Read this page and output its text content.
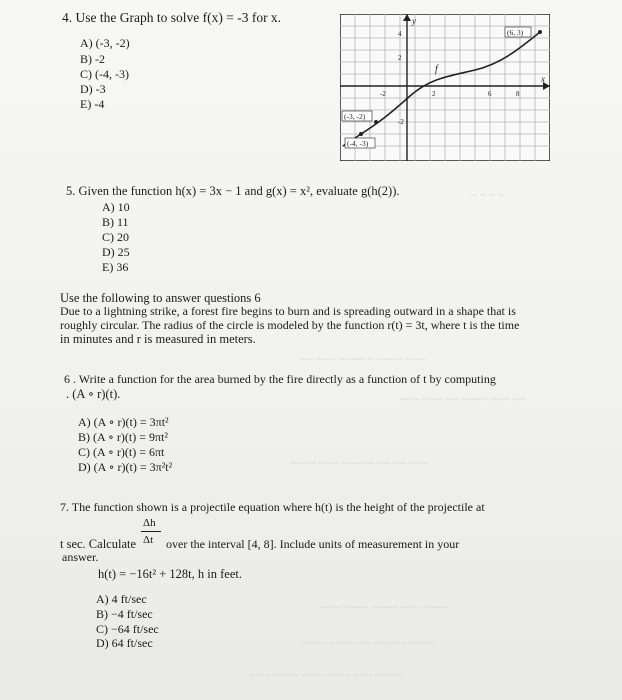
~ ~ ~ ~
~~ ~~~ ~~~~ ~ ~~~~ ~~~
~~~ ~~~ ~~ ~~~~ ~~~ ~~
~~~~ ~~~ ~~~~~ ~~ ~~ ~~~
~~~ ~~~~ ~~~~ ~~~ ~~~~
~~~~ ~~~~ ~~ ~~~~ ~~~~~
~~~ ~~~~ ~~~ ~~~~ ~~~ ~~~~
4. Use the Graph to solve f(x) = -3 for x.
A) (-3, -2)
B) -2
C) (-4, -3)
D) -3
E) -4
y
x
f
4
2
-2
-2	2	6	8
(6, 3)
(-3, -2)
(-4, -3)
5. Given the function h(x) = 3x − 1 and g(x) = x², evaluate g(h(2)).
A) 10
B) 11
C) 20
D) 25
E) 36
Use the following to answer questions 6
Due to a lightning strike, a forest fire begins to burn and is spreading outward in a shape that is
roughly circular. The radius of the circle is modeled by the function r(t) = 3t, where t is the time
in minutes and r is measured in meters.
6 . Write a function for the area burned by the fire directly as a function of t by computing
. (A ∘ r)(t).
A) (A ∘ r)(t) = 3πt²
B) (A ∘ r)(t) = 9πt²
C) (A ∘ r)(t) = 6πt
D) (A ∘ r)(t) = 3π²t²
7. The function shown is a projectile equation where h(t) is the height of the projectile at
Δh
t sec. Calculate Δt over the interval [4, 8]. Include units of measurement in your
answer.
h(t) = −16t² + 128t, h in feet.
A) 4 ft/sec
B) −4 ft/sec
C) −64 ft/sec
D) 64 ft/sec
